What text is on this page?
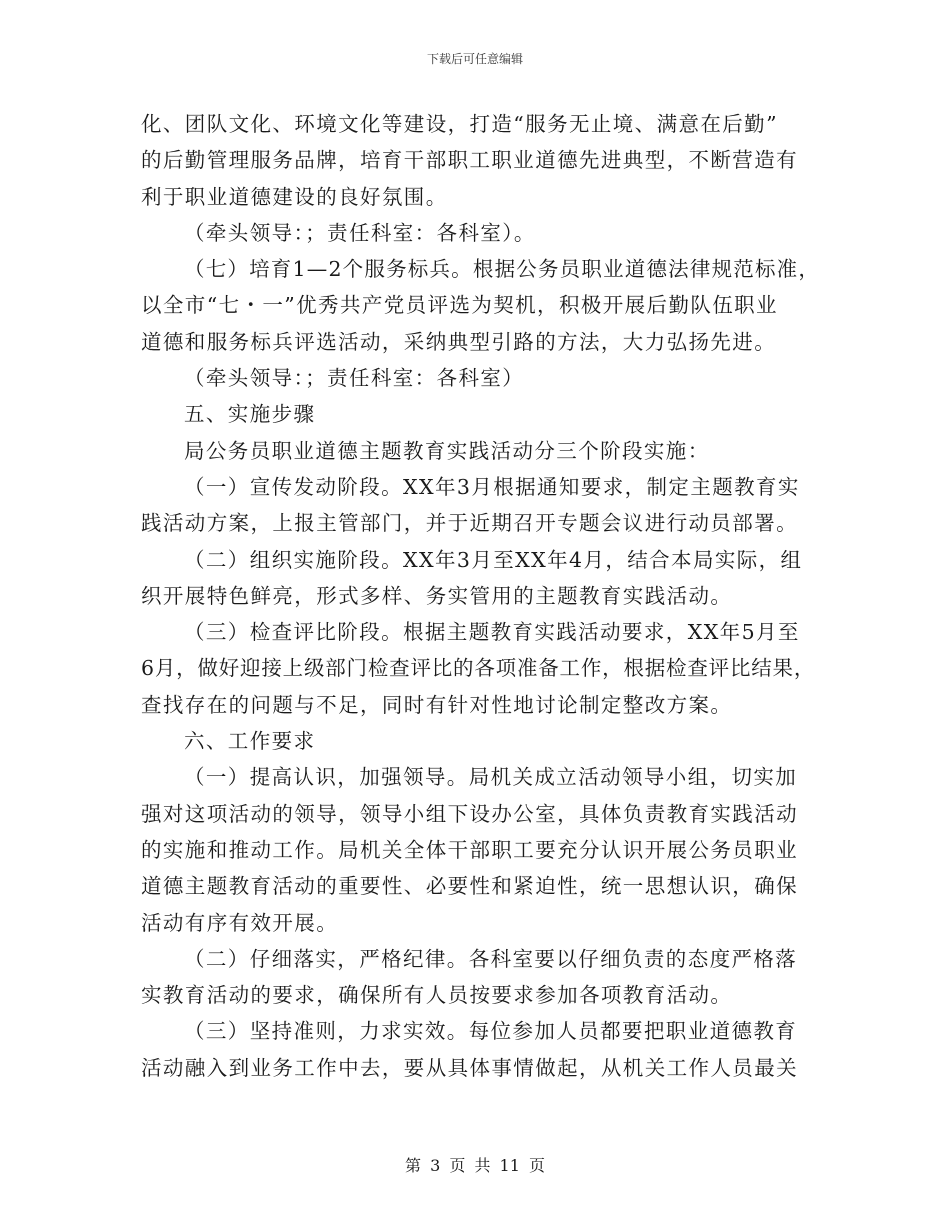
下载后可任意编辑
化、团队文化、环境文化等建设，打造“服务无止境、满意在后勤”
的后勤管理服务品牌，培育干部职工职业道德先进典型，不断营造有
利于职业道德建设的良好氛围。
（牵头领导：；责任科室：各科室）。
（七）培育1—2个服务标兵。根据公务员职业道德法律规范标准，
以全市“七・一”优秀共产党员评选为契机，积极开展后勤队伍职业
道德和服务标兵评选活动，采纳典型引路的方法，大力弘扬先进。
（牵头领导：；责任科室：各科室）
五、实施步骤
局公务员职业道德主题教育实践活动分三个阶段实施：
（一）宣传发动阶段。XX年3月根据通知要求，制定主题教育实
践活动方案，上报主管部门，并于近期召开专题会议进行动员部署。
（二）组织实施阶段。XX年3月至XX年4月，结合本局实际，组
织开展特色鲜亮，形式多样、务实管用的主题教育实践活动。
（三）检查评比阶段。根据主题教育实践活动要求，XX年5月至
6月，做好迎接上级部门检查评比的各项准备工作，根据检查评比结果，
查找存在的问题与不足，同时有针对性地讨论制定整改方案。
六、工作要求
（一）提高认识，加强领导。局机关成立活动领导小组，切实加
强对这项活动的领导，领导小组下设办公室，具体负责教育实践活动
的实施和推动工作。局机关全体干部职工要充分认识开展公务员职业
道德主题教育活动的重要性、必要性和紧迫性，统一思想认识，确保
活动有序有效开展。
（二）仔细落实，严格纪律。各科室要以仔细负责的态度严格落
实教育活动的要求，确保所有人员按要求参加各项教育活动。
（三）坚持准则，力求实效。每位参加人员都要把职业道德教育
活动融入到业务工作中去，要从具体事情做起，从机关工作人员最关
第 3 页 共 11 页
